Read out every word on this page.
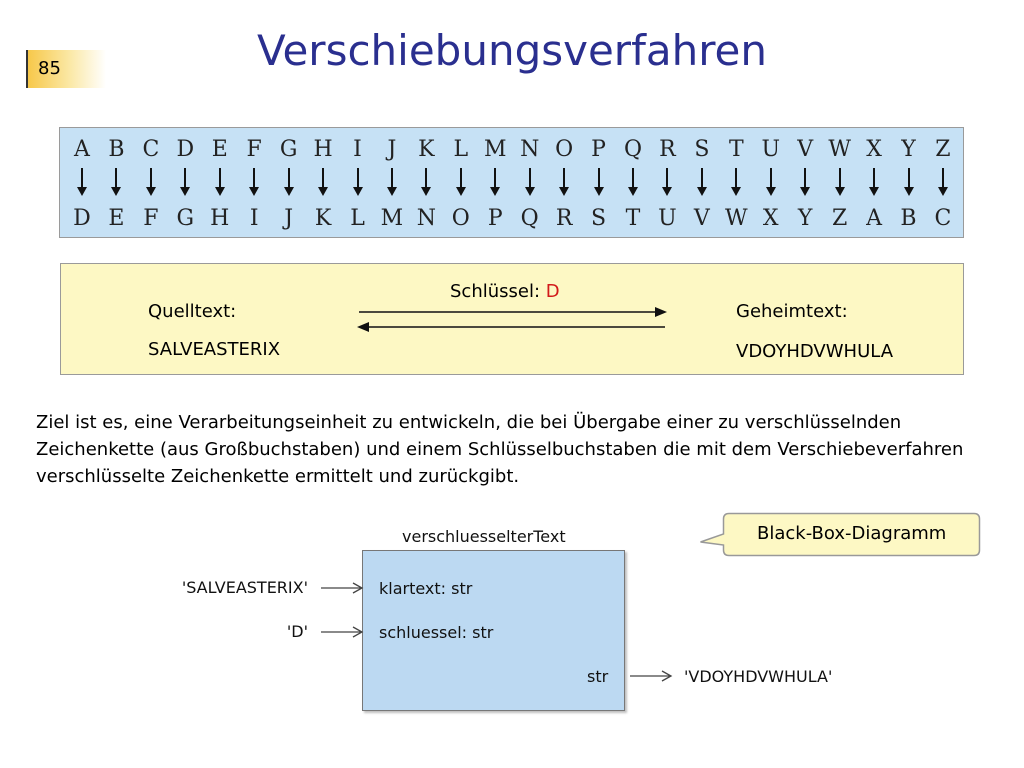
85	Verschiebungsverfahren
A B C D E F G H I	J K L M N O P Q R S T U V W X Y Z
D E F G H I	J K L M N O P Q R S T U V W X Y Z A B C
Schlüssel: D
Quelltext:
SALVEASTERIX
Geheimtext:
VDOYHDVWHULA

Ziel ist es, eine Verarbeitungseinheit zu entwickeln, die bei Übergabe einer zu verschlüsselnden Zeichenkette (aus Großbuchstaben) und einem Schlüsselbuchstaben die mit dem Verschiebeverfahren verschlüsselte Zeichenkette ermittelt und zurückgibt.

Black-Box-Diagramm
verschluesselterText
klartext: str
schluessel: str
str
'SALVEASTERIX'
'D'
'VDOYHDVWHULA'
